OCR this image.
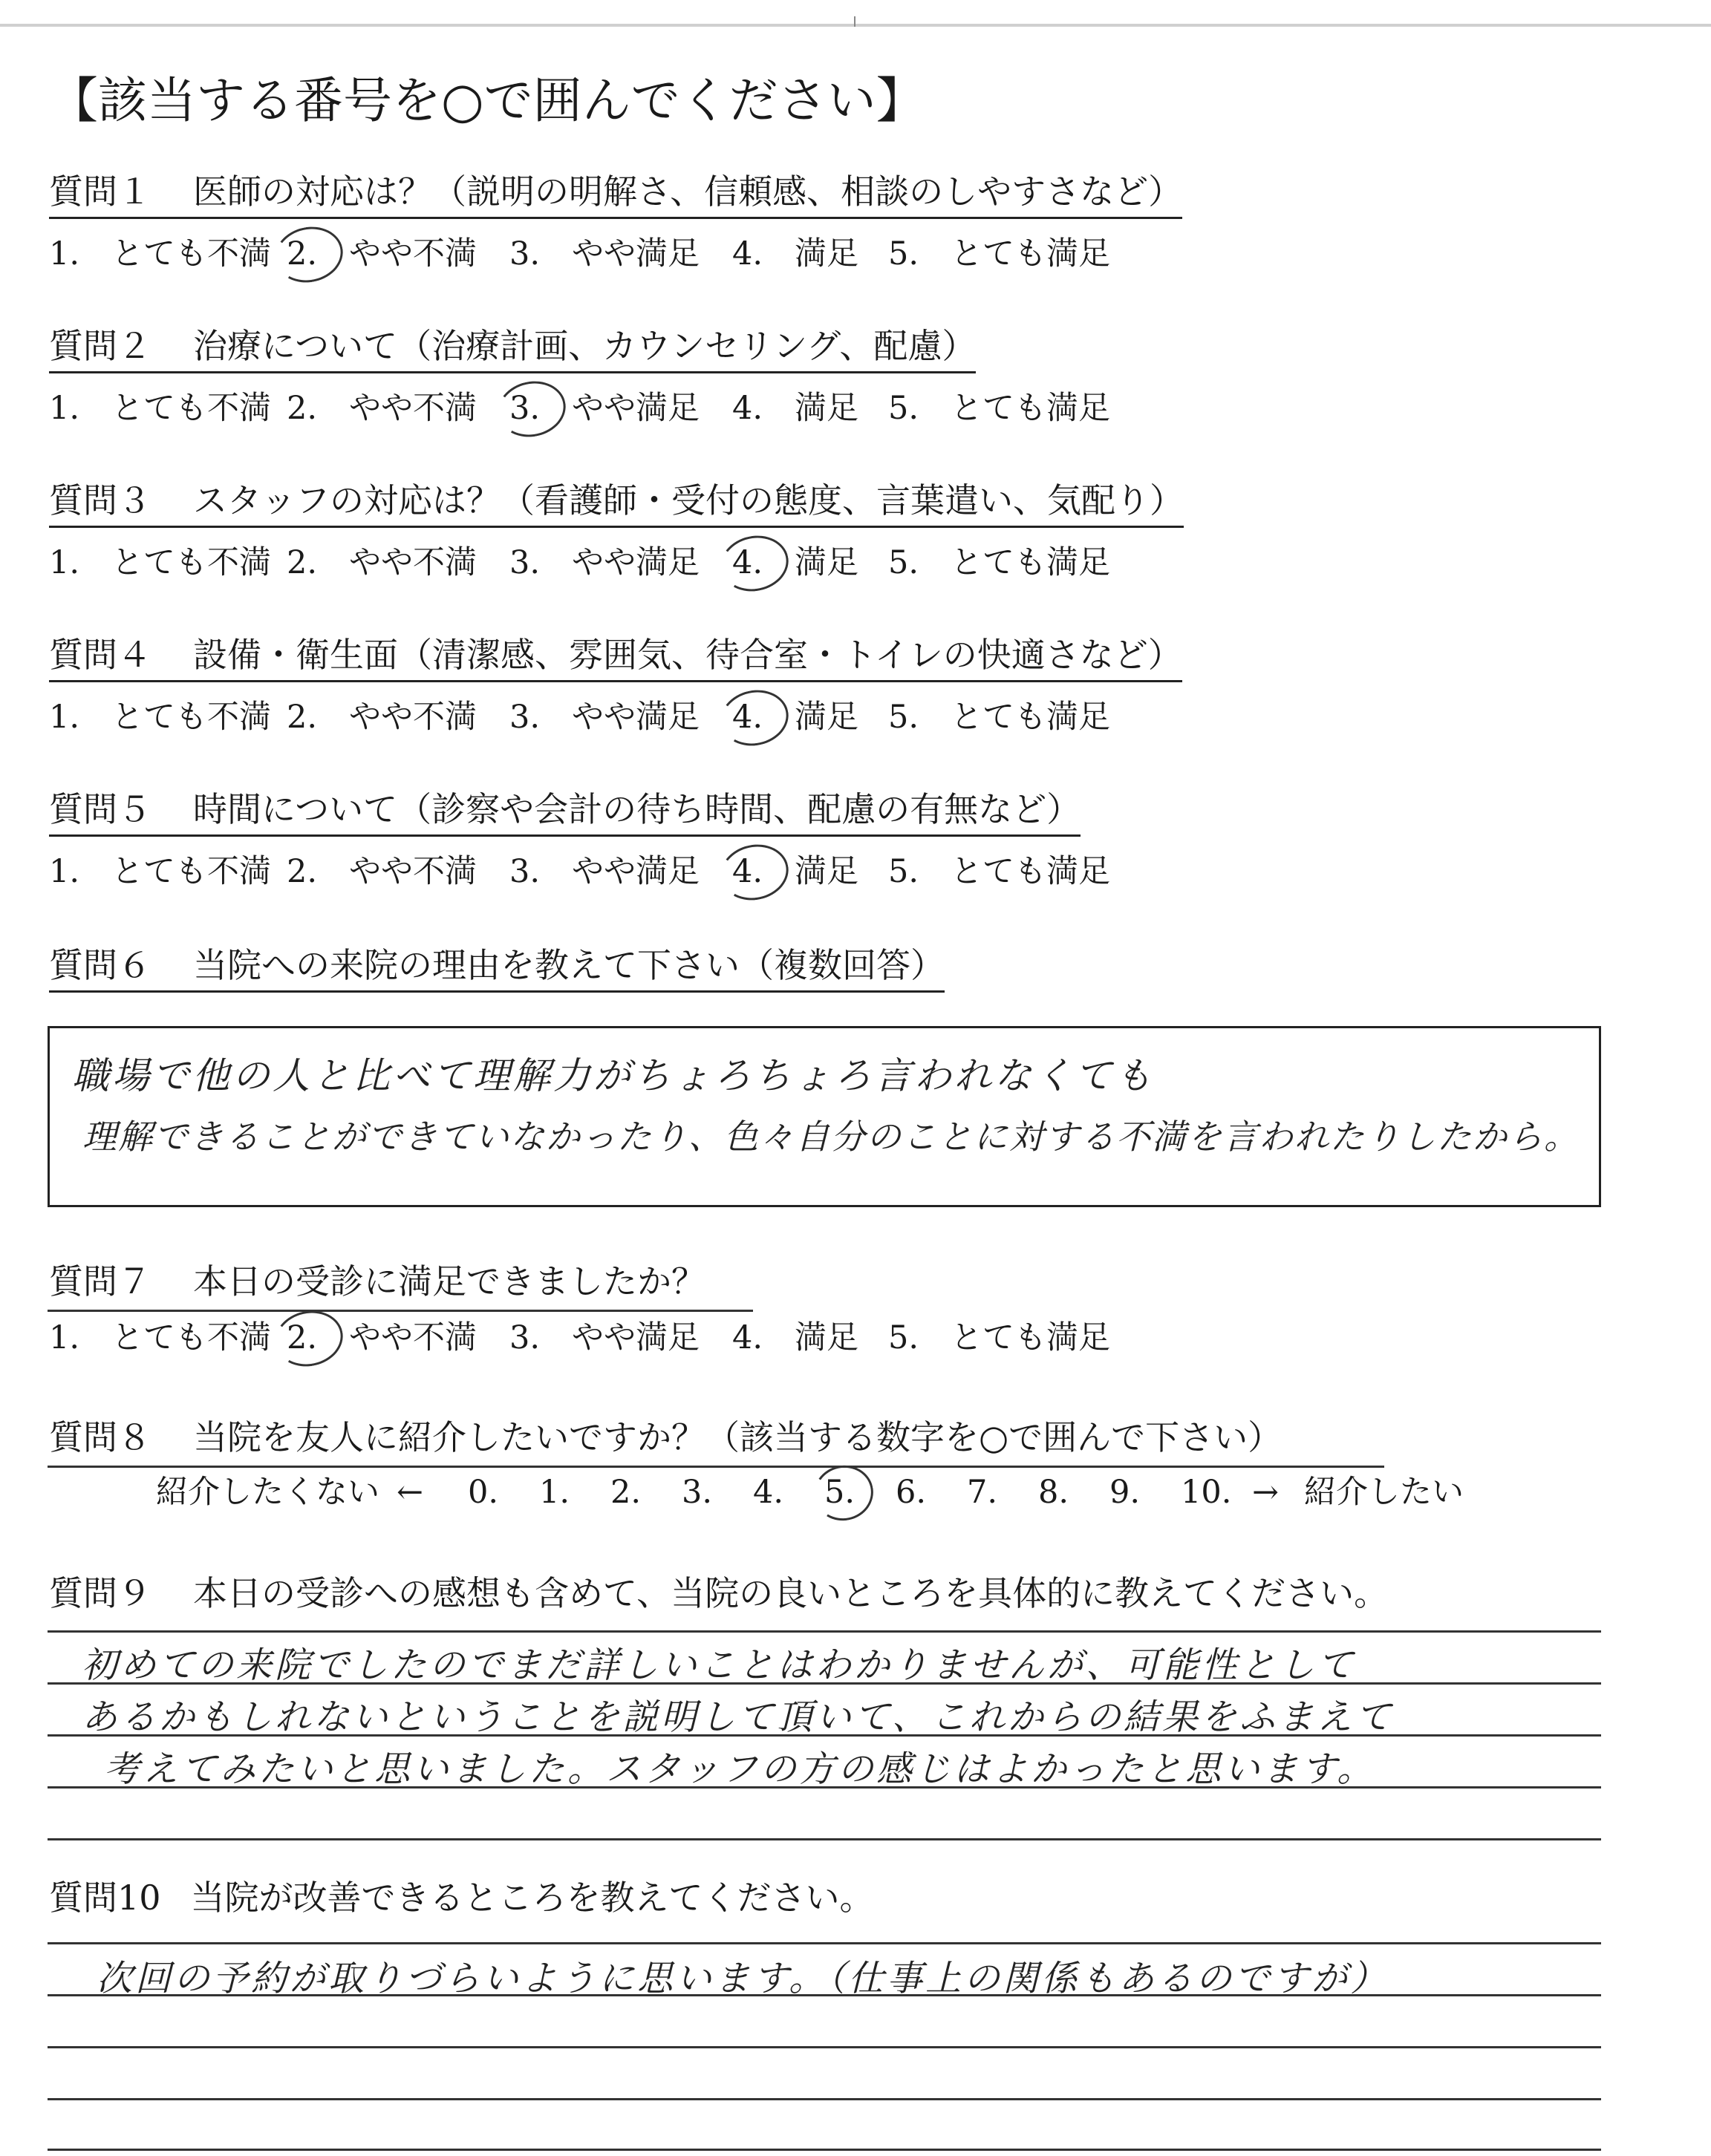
【該当する番号を○で囲んでください】
質問１ 医師の対応は？（説明の明解さ、信頼感、相談のしやすさなど）
1. とても不満 2. やや不満 3. やや満足 4. 満足 5. とても満足
質問２ 治療について（治療計画、カウンセリング、配慮）
1. とても不満 2. やや不満 3. やや満足 4. 満足 5. とても満足
質問３ スタッフの対応は？（看護師・受付の態度、言葉遣い、気配り）
1. とても不満 2. やや不満 3. やや満足 4. 満足 5. とても満足
質問４ 設備・衛生面（清潔感、雰囲気、待合室・トイレの快適さなど）
1. とても不満 2. やや不満 3. やや満足 4. 満足 5. とても満足
質問５ 時間について（診察や会計の待ち時間、配慮の有無など）
1. とても不満 2. やや不満 3. やや満足 4. 満足 5. とても満足
質問６ 当院への来院の理由を教えて下さい（複数回答）
職場で他の人と比べて理解力がちょろちょろ言われなくても
理解できることができていなかったり、色々自分のことに対する不満を言われたりしたから。
質問７ 本日の受診に満足できましたか？
1. とても不満 2. やや不満 3. やや満足 4. 満足 5. とても満足
質問８ 当院を友人に紹介したいですか？（該当する数字を○で囲んで下さい）
紹介したくない ← 0. 1. 2. 3. 4. 5. 6. 7. 8. 9. 10. → 紹介したい
質問９ 本日の受診への感想も含めて、当院の良いところを具体的に教えてください。
初めての来院でしたのでまだ詳しいことはわかりませんが、可能性として
あるかもしれないということを説明して頂いて、これからの結果をふまえて
考えてみたいと思いました。スタッフの方の感じはよかったと思います。
質問10 当院が改善できるところを教えてください。
次回の予約が取りづらいように思います。（仕事上の関係もあるのですが）
